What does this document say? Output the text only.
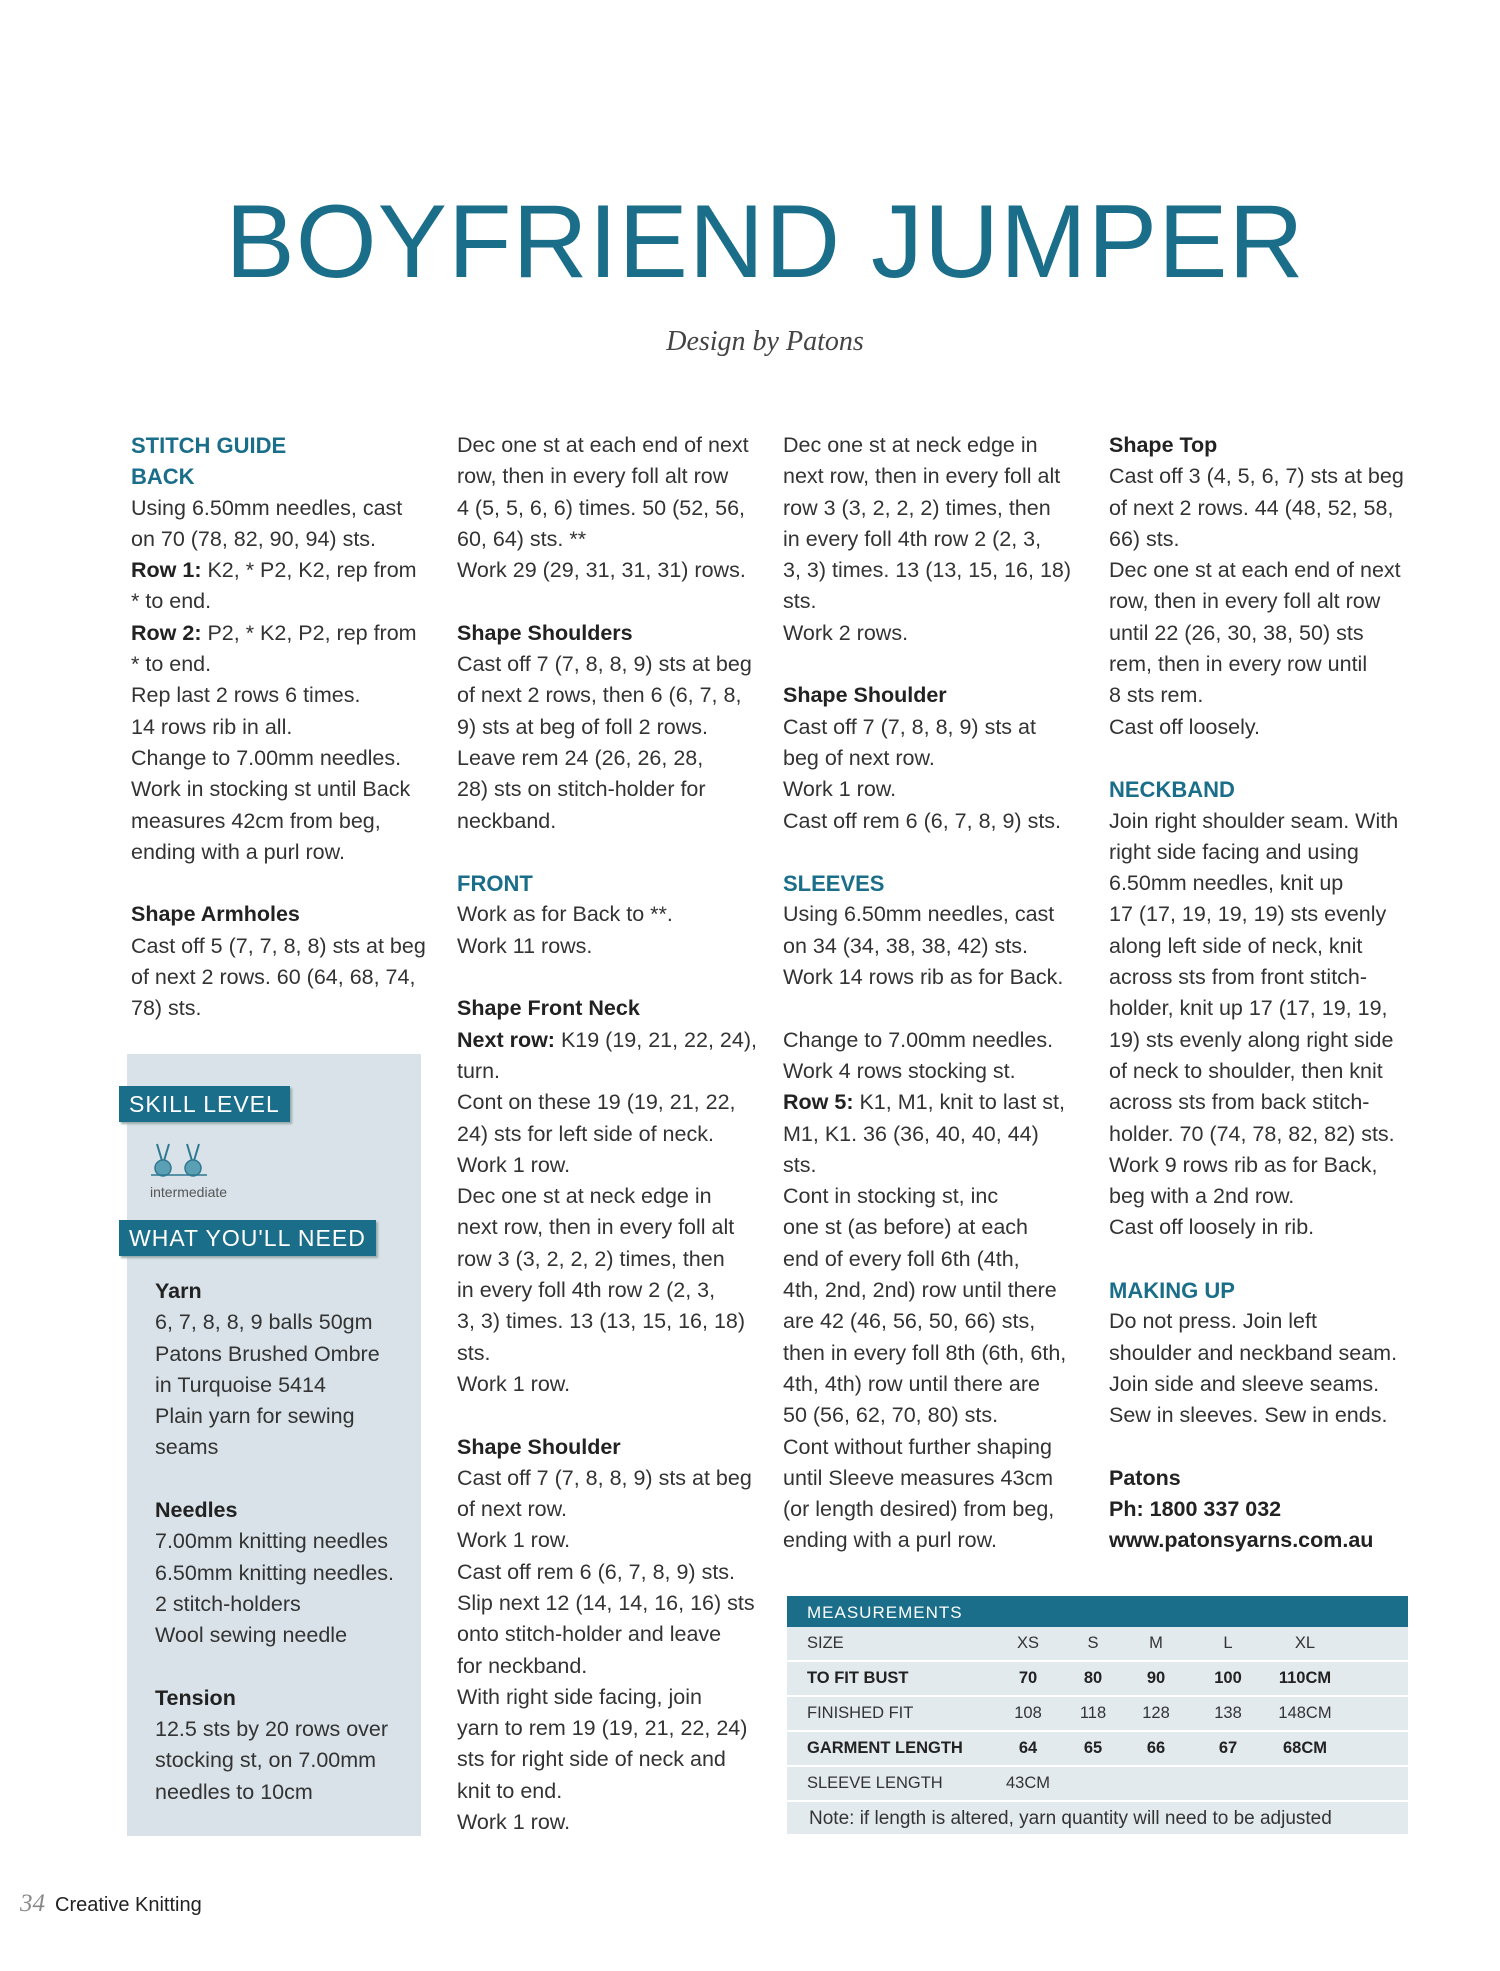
BOYFRIEND JUMPER
Design by Patons
STITCH GUIDE
BACK
Using 6.50mm needles, cast
on 70 (78, 82, 90, 94) sts.
Row 1: K2, * P2, K2, rep from
* to end.
Row 2: P2, * K2, P2, rep from
* to end.
Rep last 2 rows 6 times.
14 rows rib in all.
Change to 7.00mm needles.
Work in stocking st until Back
measures 42cm from beg,
ending with a purl row.
Shape Armholes
Cast off 5 (7, 7, 8, 8) sts at beg
of next 2 rows. 60 (64, 68, 74,
78) sts.
Dec one st at each end of next
row, then in every foll alt row
4 (5, 5, 6, 6) times. 50 (52, 56,
60, 64) sts. **
Work 29 (29, 31, 31, 31) rows.
Shape Shoulders
Cast off 7 (7, 8, 8, 9) sts at beg
of next 2 rows, then 6 (6, 7, 8,
9) sts at beg of foll 2 rows.
Leave rem 24 (26, 26, 28,
28) sts on stitch-holder for
neckband.
FRONT
Work as for Back to **.
Work 11 rows.
Shape Front Neck
Next row: K19 (19, 21, 22, 24),
turn.
Cont on these 19 (19, 21, 22,
24) sts for left side of neck.
Work 1 row.
Dec one st at neck edge in
next row, then in every foll alt
row 3 (3, 2, 2, 2) times, then
in every foll 4th row 2 (2, 3,
3, 3) times. 13 (13, 15, 16, 18)
sts.
Work 1 row.
Shape Shoulder
Cast off 7 (7, 8, 8, 9) sts at beg
of next row.
Work 1 row.
Cast off rem 6 (6, 7, 8, 9) sts.
Slip next 12 (14, 14, 16, 16) sts
onto stitch-holder and leave
for neckband.
With right side facing, join
yarn to rem 19 (19, 21, 22, 24)
sts for right side of neck and
knit to end.
Work 1 row.
Dec one st at neck edge in
next row, then in every foll alt
row 3 (3, 2, 2, 2) times, then
in every foll 4th row 2 (2, 3,
3, 3) times. 13 (13, 15, 16, 18)
sts.
Work 2 rows.
Shape Shoulder
Cast off 7 (7, 8, 8, 9) sts at
beg of next row.
Work 1 row.
Cast off rem 6 (6, 7, 8, 9) sts.
SLEEVES
Using 6.50mm needles, cast
on 34 (34, 38, 38, 42) sts.
Work 14 rows rib as for Back.
Change to 7.00mm needles.
Work 4 rows stocking st.
Row 5: K1, M1, knit to last st,
M1, K1. 36 (36, 40, 40, 44)
sts.
Cont in stocking st, inc
one st (as before) at each
end of every foll 6th (4th,
4th, 2nd, 2nd) row until there
are 42 (46, 56, 50, 66) sts,
then in every foll 8th (6th, 6th,
4th, 4th) row until there are
50 (56, 62, 70, 80) sts.
Cont without further shaping
until Sleeve measures 43cm
(or length desired) from beg,
ending with a purl row.
Shape Top
Cast off 3 (4, 5, 6, 7) sts at beg
of next 2 rows. 44 (48, 52, 58,
66) sts.
Dec one st at each end of next
row, then in every foll alt row
until 22 (26, 30, 38, 50) sts
rem, then in every row until
8 sts rem.
Cast off loosely.
NECKBAND
Join right shoulder seam. With
right side facing and using
6.50mm needles, knit up
17 (17, 19, 19, 19) sts evenly
along left side of neck, knit
across sts from front stitch-
holder, knit up 17 (17, 19, 19,
19) sts evenly along right side
of neck to shoulder, then knit
across sts from back stitch-
holder. 70 (74, 78, 82, 82) sts.
Work 9 rows rib as for Back,
beg with a 2nd row.
Cast off loosely in rib.
MAKING UP
Do not press. Join left
shoulder and neckband seam.
Join side and sleeve seams.
Sew in sleeves. Sew in ends.
Patons
Ph: 1800 337 032
www.patonsyarns.com.au
SKILL LEVEL
intermediate
WHAT YOU'LL NEED
Yarn
6, 7, 8, 8, 9 balls 50gm
Patons Brushed Ombre
in Turquoise 5414
Plain yarn for sewing
seams
Needles
7.00mm knitting needles
6.50mm knitting needles.
2 stitch-holders
Wool sewing needle
Tension
12.5 sts by 20 rows over
stocking st, on 7.00mm
needles to 10cm
MEASUREMENTS
SIZE	XS	S	M	L	XL	
TO FIT BUST	70	80	90	100	110CM	
FINISHED FIT	108	118	128	138	148CM	
GARMENT LENGTH	64	65	66	67	68CM	
SLEEVE LENGTH	43CM					
Note: if length is altered, yarn quantity will need to be adjusted
34 Creative Knitting
